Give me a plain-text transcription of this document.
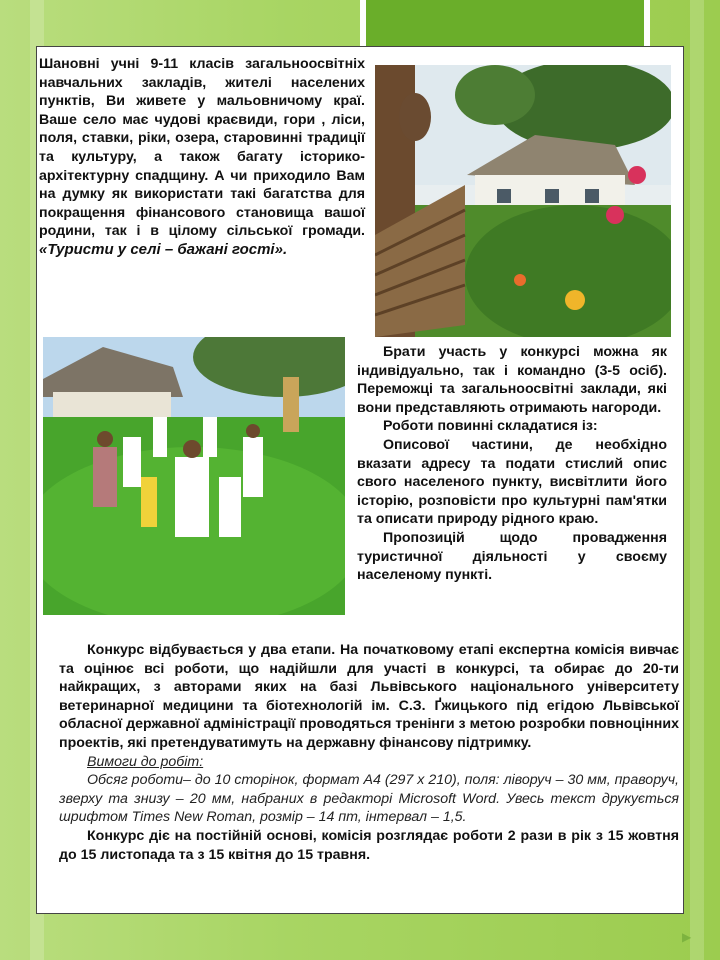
▶
Шановні учні 9-11 класів загальноосвітніх навчальних закладів, жителі населених пунктів, Ви живете у мальовничому краї. Ваше село має чудові краєвиди, гори , ліси, поля, ставки, ріки, озера, старовинні традиції та культуру, а також багату історико-архітектурну спадщину. А чи приходило Вам на думку як використати такі багатства для покращення фінансового становища вашої родини, так і в цілому сільської громади. «Туристи у селі – бажані гості».

Брати участь у конкурсі можна як індивідуально, так і командно (3-5 осіб). Переможці та загальноосвітні заклади, які вони представляють отримають нагороди.

Роботи повинні складатися із:

Описової частини, де необхідно вказати адресу та подати стислий опис свого населеного пункту, висвітлити його історію, розповісти про культурні пам'ятки та описати природу рідного краю.

Пропозицій щодо провадження туристичної діяльності у своєму населеному пункті.

Конкурс відбувається у два етапи. На початковому етапі експертна комісія вивчає та оцінює всі роботи, що надійшли для участі в конкурсі, та обирає до 20-ти найкращих, з авторами яких на базі Львівського національного університету ветеринарної медицини та біотехнологій ім. С.З. Ґжицького під егідою Львівської обласної державної адміністрації проводяться тренінги з метою розробки повноцінних проектів, які претендуватимуть на державну фінансову підтримку.

Вимоги до робіт:

Обсяг роботи– до 10 сторінок, формат А4 (297 х 210), поля: ліворуч – 30 мм, праворуч, зверху та знизу – 20 мм, набраних в редакторі Microsoft Word. Увесь текст друкується шрифтом Times New Roman, розмір – 14 пт, інтервал – 1,5.

Конкурс діє на постійній основі, комісія розглядає роботи 2 рази в рік з 15 жовтня до 15 листопада та з 15 квітня до 15 травня.
